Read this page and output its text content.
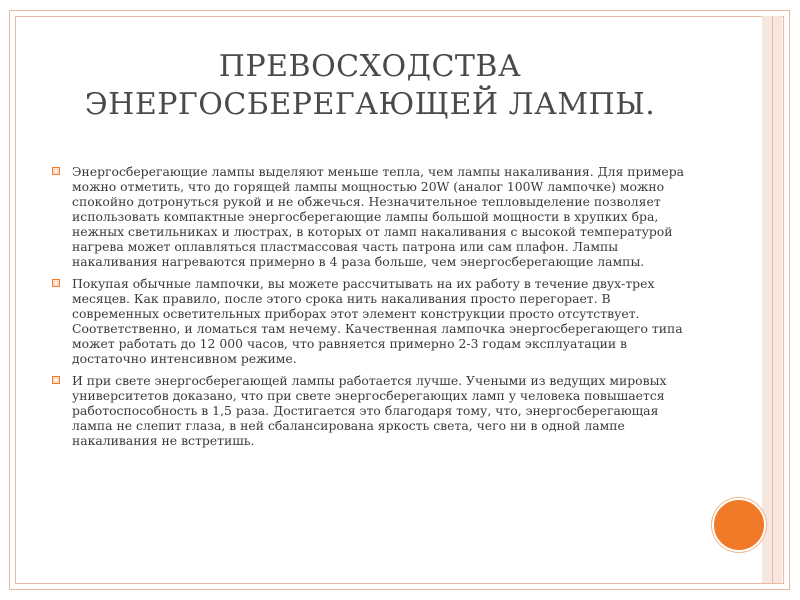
ПРЕВОСХОДСТВА
ЭНЕРГОСБЕРЕГАЮЩЕЙ ЛАМПЫ.
Энергосберегающие лампы выделяют меньше тепла, чем лампы накаливания. Для примера можно отметить, что до горящей лампы мощностью 20W (аналог 100W лампочке) можно спокойно дотронуться рукой и не обжечься. Незначительное тепловыделение позволяет использовать компактные энергосберегающие лампы большой мощности в хрупких бра, нежных светильниках и люстрах, в которых от ламп накаливания с высокой температурой нагрева может оплавляться пластмассовая часть патрона или сам плафон. Лампы накаливания нагреваются примерно в 4 раза больше, чем энергосберегающие лампы.
Покупая обычные лампочки, вы можете рассчитывать на их работу в течение двух-трех месяцев. Как правило, после этого срока нить накаливания просто перегорает. В современных осветительных приборах этот элемент конструкции просто отсутствует. Соответственно, и ломаться там нечему. Качественная лампочка энергосберегающего типа может работать до 12 000 часов, что равняется примерно 2-3 годам эксплуатации в достаточно интенсивном режиме.
И при свете энергосберегающей лампы работается лучше. Учеными из ведущих мировых университетов доказано, что при свете энергосберегающих ламп у человека повышается работоспособность в 1,5 раза. Достигается это благодаря тому, что, энергосберегающая лампа не слепит глаза, в ней сбалансирована яркость света, чего ни в одной лампе накаливания не встретишь.
